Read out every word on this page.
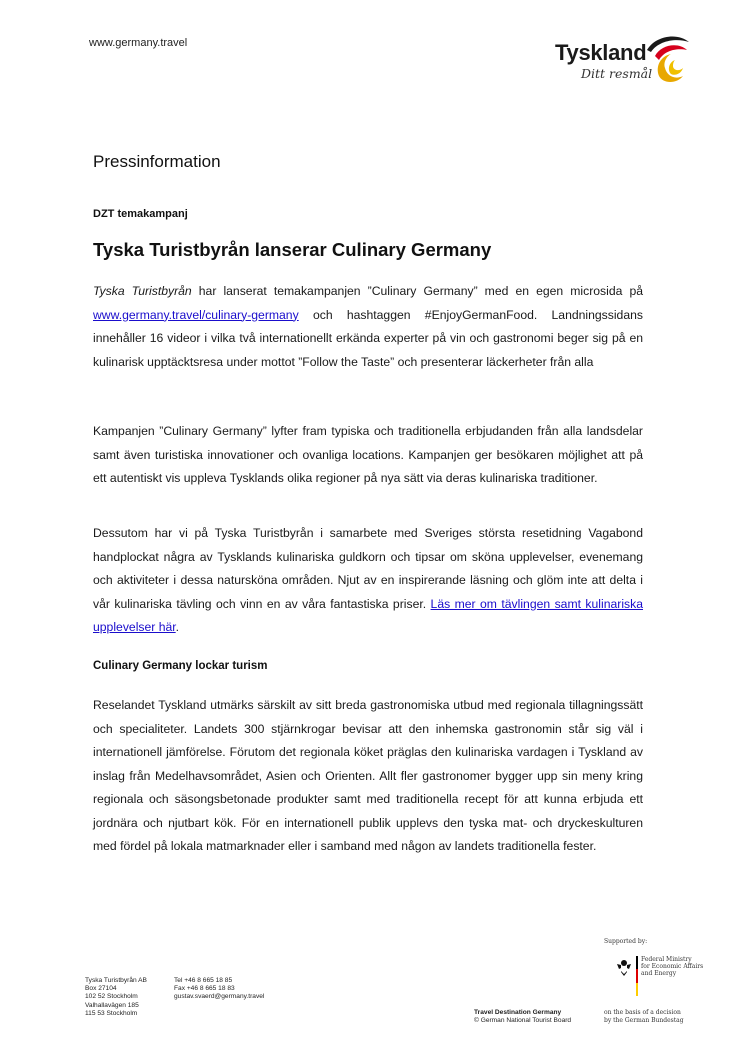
www.germany.travel	Tyskland
Ditt resmål
Pressinformation
DZT temakampanj
Tyska Turistbyrån lanserar Culinary Germany
Tyska Turistbyrån har lanserat temakampanjen ”Culinary Germany” med en egen microsida på www.germany.travel/culinary-germany och hashtaggen #EnjoyGermanFood. Landningssidans innehåller 16 videor i vilka två internationellt erkända experter på vin och gastronomi beger sig på en kulinarisk upptäcktsresa under mottot ”Follow the Taste” och presenterar läckerheter från alla
Kampanjen ”Culinary Germany” lyfter fram typiska och traditionella erbjudanden från alla landsdelar samt även turistiska innovationer och ovanliga locations. Kampanjen ger besökaren möjlighet att på ett autentiskt vis uppleva Tysklands olika regioner på nya sätt via deras kulinariska traditioner.
Dessutom har vi på Tyska Turistbyrån i samarbete med Sveriges största resetidning Vagabond handplockat några av Tysklands kulinariska guldkorn och tipsar om sköna upplevelser, evenemang och aktiviteter i dessa natursköna områden. Njut av en inspirerande läsning och glöm inte att delta i vår kulinariska tävling och vinn en av våra fantastiska priser. Läs mer om tävlingen samt kulinariska upplevelser här.
Culinary Germany lockar turism
Reselandet Tyskland utmärks särskilt av sitt breda gastronomiska utbud med regionala tillagningssätt och specialiteter. Landets 300 stjärnkrogar bevisar att den inhemska gastronomin står sig väl i internationell jämförelse. Förutom det regionala köket präglas den kulinariska vardagen i Tyskland av inslag från Medelhavsområdet, Asien och Orienten. Allt fler gastronomer bygger upp sin meny kring regionala och säsongsbetonade produkter samt med traditionella recept för att kunna erbjuda ett jordnära och njutbart kök. För en internationell publik upplevs den tyska mat- och dryckeskulturen med fördel på lokala matmarknader eller i samband med någon av landets traditionella fester.
Tyska Turistbyrån AB
Box 27104
102 52 Stockholm
Valhallavägen 185
115 53 Stockholm
Tel +46 8 665 18 85
Fax +46 8 665 18 83
gustav.svaerd@germany.travel
Travel Destination Germany
© German National Tourist Board
Supported by:
Federal Ministry
for Economic Affairs
and Energy
on the basis of a decision
by the German Bundestag
